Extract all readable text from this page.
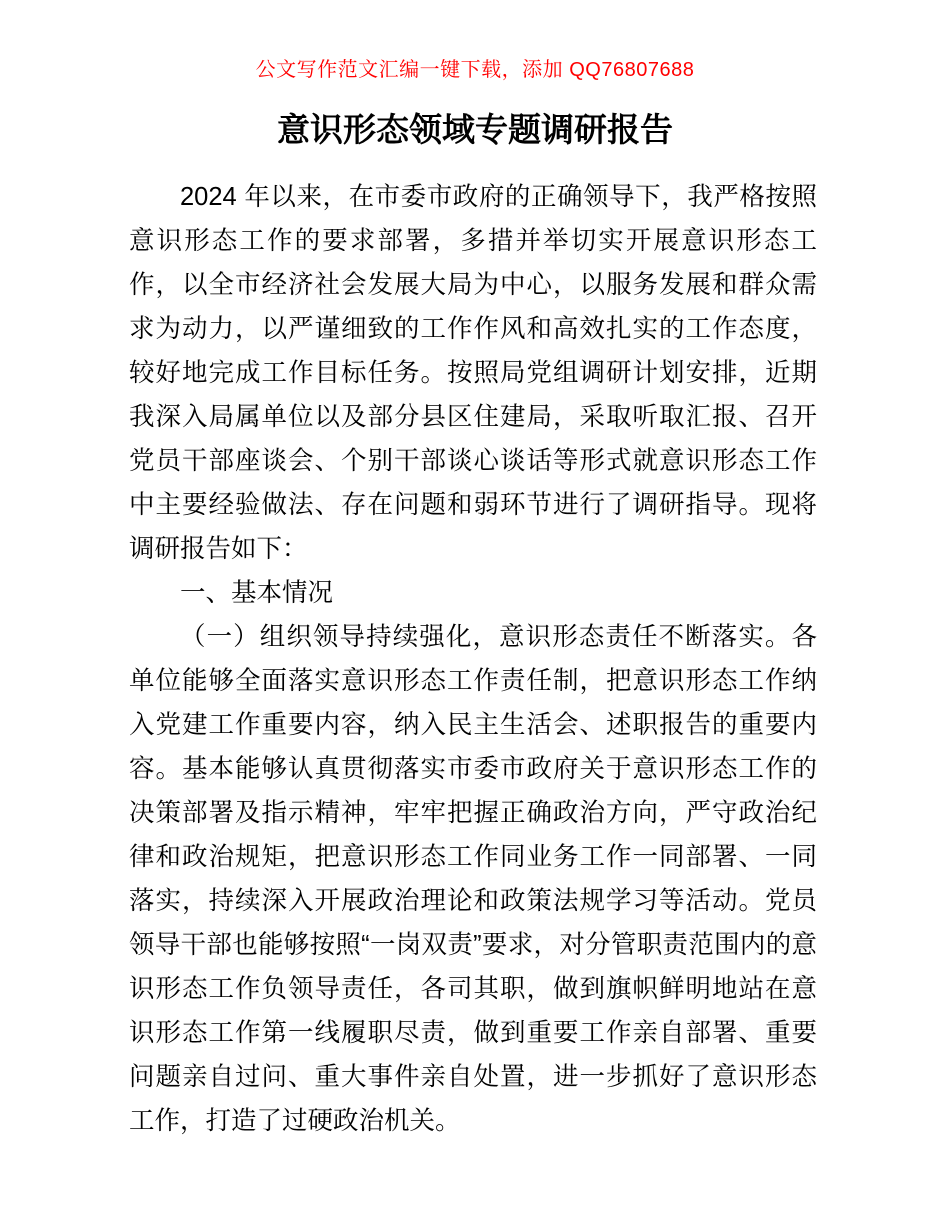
公文写作范文汇编一键下载，添加 QQ76807688
意识形态领域专题调研报告

2024 年以来，在市委市政府的正确领导下，我严格按照意识形态工作的要求部署，多措并举切实开展意识形态工作，以全市经济社会发展大局为中心，以服务发展和群众需求为动力，以严谨细致的工作作风和高效扎实的工作态度，较好地完成工作目标任务。按照局党组调研计划安排，近期我深入局属单位以及部分县区住建局，采取听取汇报、召开党员干部座谈会、个别干部谈心谈话等形式就意识形态工作中主要经验做法、存在问题和弱环节进行了调研指导。现将调研报告如下：

一、基本情况

（一）组织领导持续强化，意识形态责任不断落实。各单位能够全面落实意识形态工作责任制，把意识形态工作纳入党建工作重要内容，纳入民主生活会、述职报告的重要内容。基本能够认真贯彻落实市委市政府关于意识形态工作的决策部署及指示精神，牢牢把握正确政治方向，严守政治纪律和政治规矩，把意识形态工作同业务工作一同部署、一同落实，持续深入开展政治理论和政策法规学习等活动。党员领导干部也能够按照“一岗双责”要求，对分管职责范围内的意识形态工作负领导责任，各司其职，做到旗帜鲜明地站在意识形态工作第一线履职尽责，做到重要工作亲自部署、重要问题亲自过问、重大事件亲自处置，进一步抓好了意识形态工作，打造了过硬政治机关。
